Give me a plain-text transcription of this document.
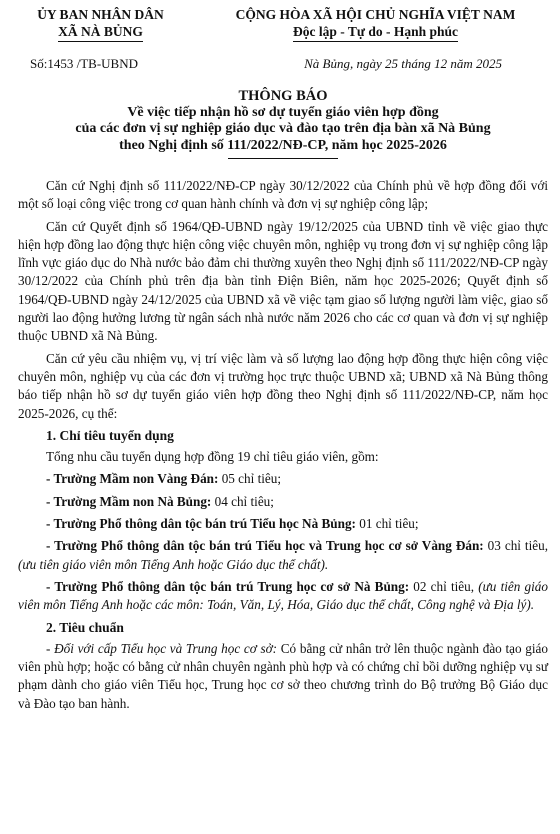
ỦY BAN NHÂN DÂN
XÃ NÀ BỦNG
CỘNG HÒA XÃ HỘI CHỦ NGHĨA VIỆT NAM
Độc lập - Tự do - Hạnh phúc
Số:1453 /TB-UBND	Nà Bủng, ngày 25 tháng 12 năm 2025
THÔNG BÁO
Về việc tiếp nhận hồ sơ dự tuyển giáo viên hợp đồng
của các đơn vị sự nghiệp giáo dục và đào tạo trên địa bàn xã Nà Bủng
theo Nghị định số 111/2022/NĐ-CP, năm học 2025-2026

Căn cứ Nghị định số 111/2022/NĐ-CP ngày 30/12/2022 của Chính phủ về hợp đồng đối với một số loại công việc trong cơ quan hành chính và đơn vị sự nghiệp công lập;

Căn cứ Quyết định số 1964/QĐ-UBND ngày 19/12/2025 của UBND tỉnh về việc giao thực hiện hợp đồng lao động thực hiện công việc chuyên môn, nghiệp vụ trong đơn vị sự nghiệp công lập lĩnh vực giáo dục do Nhà nước bảo đảm chi thường xuyên theo Nghị định số 111/2022/NĐ-CP ngày 30/12/2022 của Chính phủ trên địa bàn tỉnh Điện Biên, năm học 2025-2026; Quyết định số 1964/QĐ-UBND ngày 24/12/2025 của UBND xã về việc tạm giao số lượng người làm việc, giao số người lao động hưởng lương từ ngân sách nhà nước năm 2026 cho các cơ quan và đơn vị sự nghiệp thuộc UBND xã Nà Bủng.

Căn cứ yêu cầu nhiệm vụ, vị trí việc làm và số lượng lao động hợp đồng thực hiện công việc chuyên môn, nghiệp vụ của các đơn vị trường học trực thuộc UBND xã; UBND xã Nà Bủng thông báo tiếp nhận hồ sơ dự tuyển giáo viên hợp đồng theo Nghị định số 111/2022/NĐ-CP, năm học 2025-2026, cụ thể:

1. Chỉ tiêu tuyển dụng

Tổng nhu cầu tuyển dụng hợp đồng 19 chỉ tiêu giáo viên, gồm:

- Trường Mầm non Vàng Đán: 05 chỉ tiêu;

- Trường Mầm non Nà Bủng: 04 chỉ tiêu;

- Trường Phổ thông dân tộc bán trú Tiểu học Nà Bủng: 01 chỉ tiêu;

- Trường Phổ thông dân tộc bán trú Tiểu học và Trung học cơ sở Vàng Đán: 03 chỉ tiêu, (ưu tiên giáo viên môn Tiếng Anh hoặc Giáo dục thể chất).

- Trường Phổ thông dân tộc bán trú Trung học cơ sở Nà Bủng: 02 chỉ tiêu, (ưu tiên giáo viên môn Tiếng Anh hoặc các môn: Toán, Văn, Lý, Hóa, Giáo dục thể chất, Công nghệ và Địa lý).

2. Tiêu chuẩn

- Đối với cấp Tiểu học và Trung học cơ sở: Có bằng cử nhân trở lên thuộc ngành đào tạo giáo viên phù hợp; hoặc có bằng cử nhân chuyên ngành phù hợp và có chứng chỉ bồi dưỡng nghiệp vụ sư phạm dành cho giáo viên Tiểu học, Trung học cơ sở theo chương trình do Bộ trưởng Bộ Giáo dục và Đào tạo ban hành.
